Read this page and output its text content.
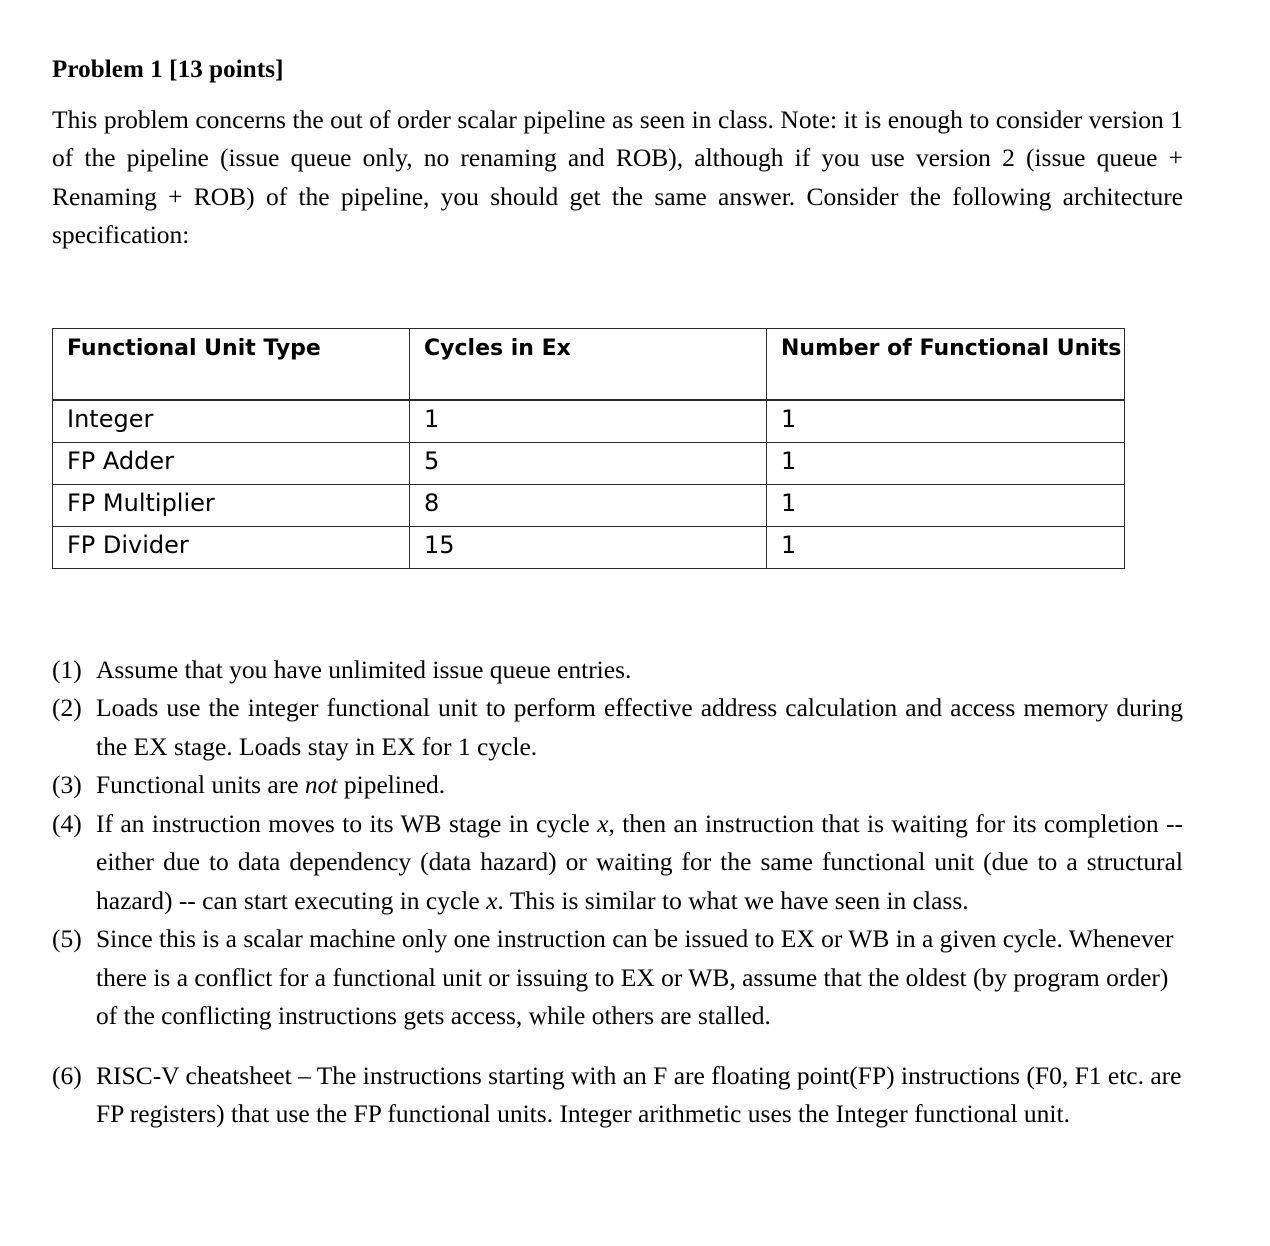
Problem 1 [13 points]

This problem concerns the out of order scalar pipeline as seen in class. Note: it is enough to consider version 1 of the pipeline (issue queue only, no renaming and ROB), although if you use version 2 (issue queue + Renaming + ROB) of the pipeline, you should get the same answer. Consider the following architecture specification:

Functional Unit Type	Cycles in Ex	Number of Functional Units
Integer	1	1
FP Adder	5	1
FP Multiplier	8	1
FP Divider	15	1
(1) Assume that you have unlimited issue queue entries.
(2) Loads use the integer functional unit to perform effective address calculation and access memory during the EX stage. Loads stay in EX for 1 cycle.
(3) Functional units are not pipelined.
(4) If an instruction moves to its WB stage in cycle x, then an instruction that is waiting for its completion -- either due to data dependency (data hazard) or waiting for the same functional unit (due to a structural hazard) -- can start executing in cycle x. This is similar to what we have seen in class.
(5) Since this is a scalar machine only one instruction can be issued to EX or WB in a given cycle. Whenever there is a conflict for a functional unit or issuing to EX or WB, assume that the oldest (by program order) of the conflicting instructions gets access, while others are stalled.
(6) RISC-V cheatsheet – The instructions starting with an F are floating point(FP) instructions (F0, F1 etc. are FP registers) that use the FP functional units. Integer arithmetic uses the Integer functional unit.
